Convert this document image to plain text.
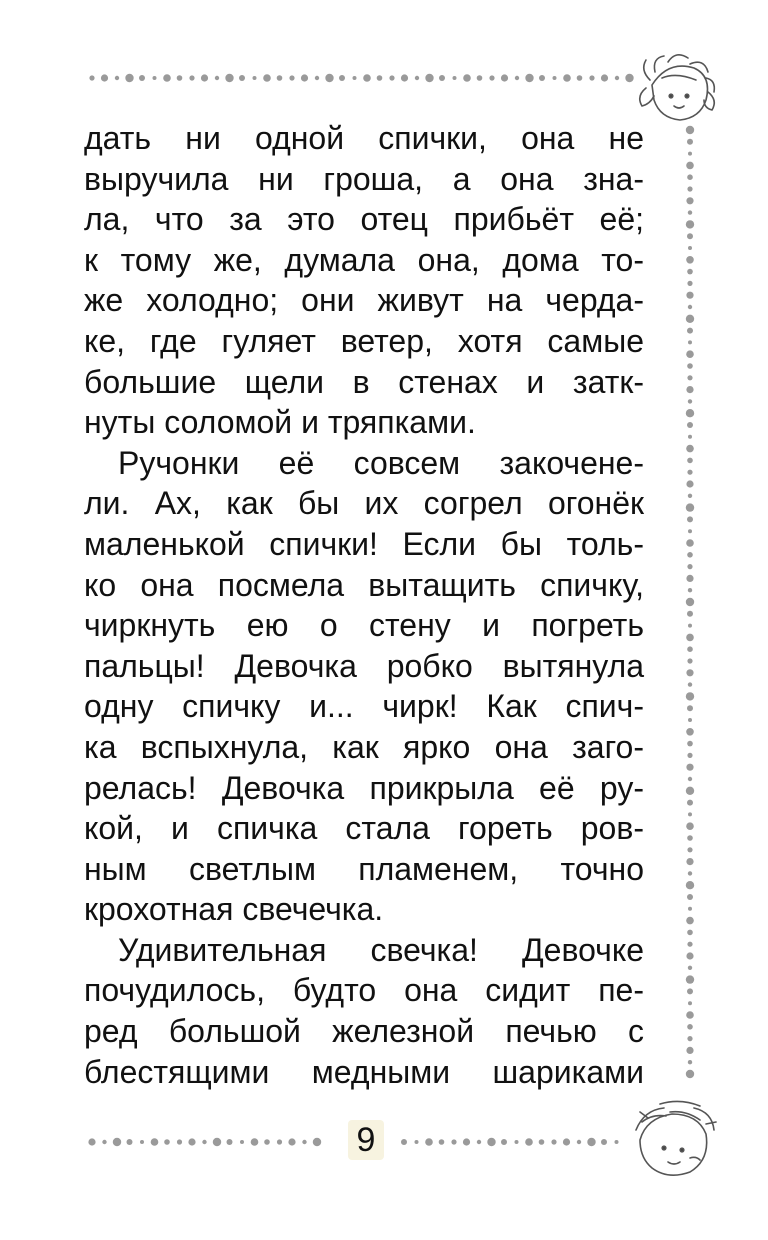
дать ни одной спички, она не
выручила ни гроша, а она зна-
ла, что за это отец прибьёт её;
к тому же, думала она, дома то-
же холодно; они живут на черда-
ке, где гуляет ветер, хотя самые
большие щели в стенах и затк-
нуты соломой и тряпками.
Ручонки её совсем закоченe-
ли. Ах, как бы их согрел огонёк
маленькой спички! Если бы толь-
ко она посмела вытащить спичку,
чиркнуть ею о стену и погреть
пальцы! Девочка робко вытянула
одну спичку и... чирк! Как спич-
ка вспыхнула, как ярко она заго-
релась! Девочка прикрыла её ру-
кой, и спичка стала гореть ров-
ным светлым пламенем, точно
крохотная свечечка.
Удивительная свечка! Девочке
почудилось, будто она сидит пе-
ред большой железной печью с
блестящими медными шариками
9
